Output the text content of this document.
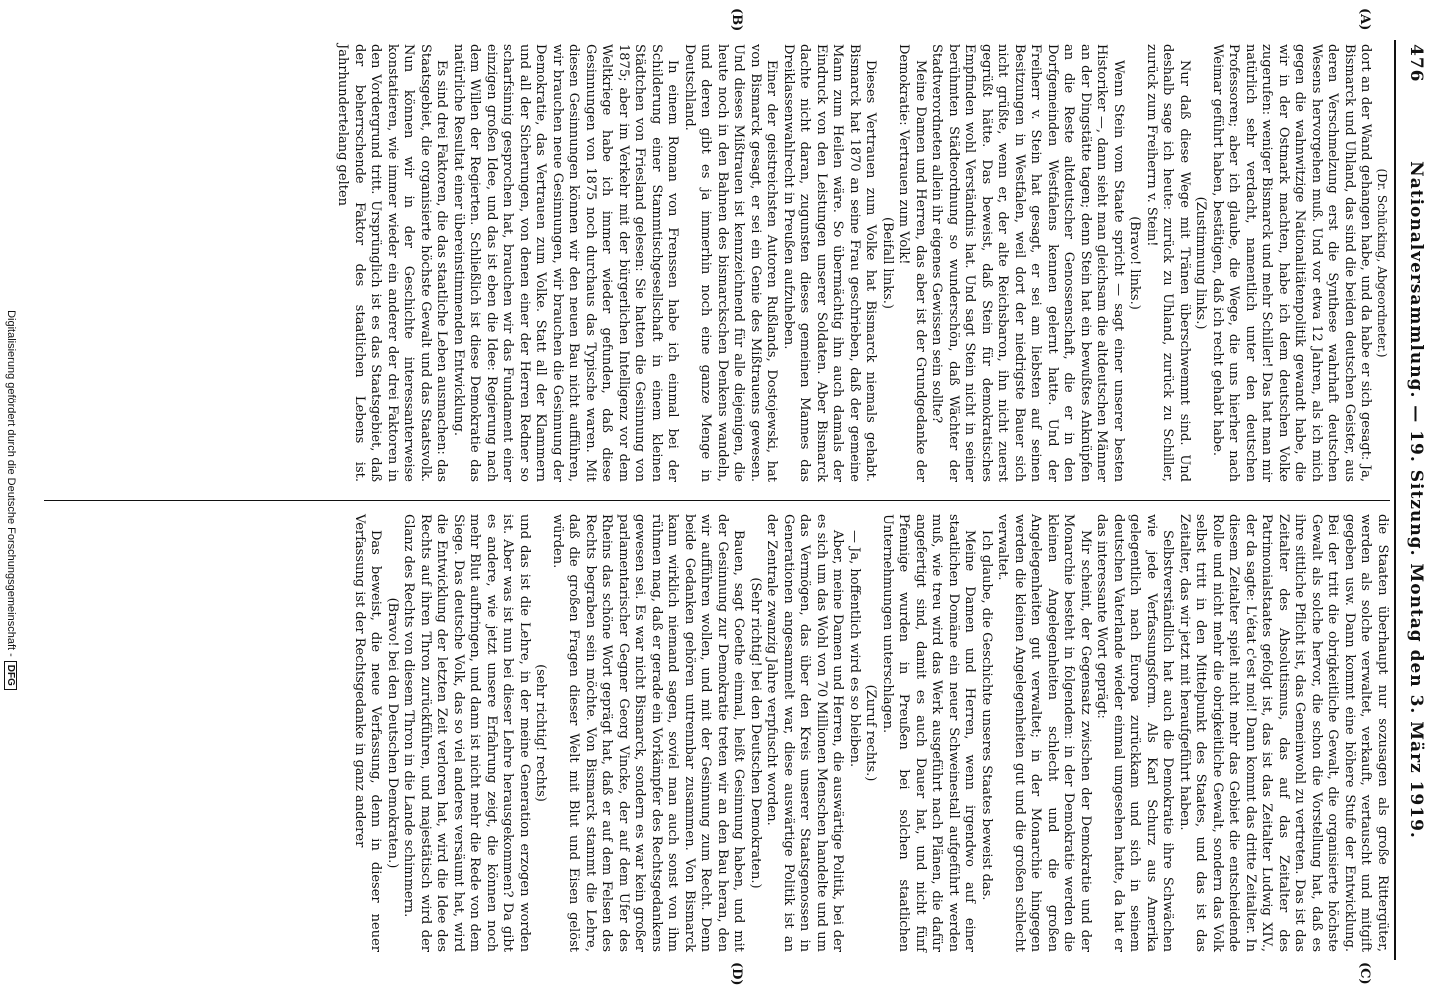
476
Nationalversammlung. — 19. Sitzung. Montag den 3. März 1919.
(A)
(B)
(C)
(D)

(Dr. Schücking, Abgeordneter.)

dort an der Wand gehangen habe, und da habe er sich gesagt: Ja, Bismarck und Uhland, das sind die beiden deutschen Geister, aus deren Verschmelzung erst die Synthese wahrhaft deutschen Wesens hervorgehen muß. Und vor etwa 12 Jahren, als ich mich gegen die wahnwitzige Nationalitätenpolitik gewandt habe, die wir in der Ostmark machten, habe ich dem deutschen Volke zugerufen: weniger Bismarck und mehr Schiller! Das hat man mir natürlich sehr verdacht, namentlich unter den deutschen Professoren; aber ich glaube, die Wege, die uns hierher nach Weimar geführt haben, bestätigen, daß ich recht gehabt habe.

(Zustimmung links.)

Nur daß diese Wege mit Tränen überschwemmt sind. Und deshalb sage ich heute: zurück zu Uhland, zurück zu Schiller, zurück zum Freiherrn v. Stein!

(Bravo! links.)

Wenn Stein vom Staate spricht — sagt einer unserer besten Historiker —, dann sieht man gleichsam die altdeutschen Männer an der Dingstätte tagen; denn Stein hat ein bewußtes Anknüpfen an die Reste altdeutscher Genossenschaft, die er in den Dorfgemeinden Westfalens kennen gelernt hatte. Und der Freiherr v. Stein hat gesagt, er sei am liebsten auf seinen Besitzungen in Westfalen, weil dort der niedrigste Bauer sich nicht grüßte, wenn er, der alte Reichsbaron, ihn nicht zuerst gegrüßt hätte. Das beweist, daß Stein für demokratisches Empfinden wohl Verständnis hat. Und sagt Stein nicht in seiner berühmten Städteordnung so wunderschön, daß Wächter der Stadtverordneten allein ihr eigenes Gewissen sein sollte?

Meine Damen und Herren, das aber ist der Grundgedanke der Demokratie: Vertrauen zum Volk!

(Beifall links.)

Dieses Vertrauen zum Volke hat Bismarck niemals gehabt. Bismarck hat 1870 an seine Frau geschrieben, daß der gemeine Mann zum Heilen wäre. So übermächtig ihn auch damals der Eindruck von den Leistungen unserer Soldaten. Aber Bismarck dachte nicht daran, zugunsten dieses gemeinen Mannes das Dreiklassenwahlrecht in Preußen aufzuheben.

Einer der geistreichsten Autoren Rußlands, Dostojewski, hat von Bismarck gesagt, er sei ein Genie des Mißtrauens gewesen. Und dieses Mißtrauen ist kennzeichnend für alle diejenigen, die heute noch in den Bahnen des bismarckschen Denkens wandeln, und deren gibt es ja immerhin noch eine ganze Menge in Deutschland.

In einem Roman von Frenssen habe ich einmal bei der Schilderung einer Stammtischgesellschaft in einem kleinen Städtchen von Friesland gelesen: Sie hatten die Gesinnung von 1875; aber im Verkehr mit der bürgerlichen Intelligenz vor dem Weltkriege habe ich immer wieder gefunden, daß diese Gesinnungen von 1875 noch durchaus das Typische waren. Mit diesen Gesinnungen können wir den neuen Bau nicht aufführen, wir brauchen neue Gesinnungen, wir brauchen die Gesinnung der Demokratie, das Vertrauen zum Volke. Statt all der Klammern und all der Sicherungen, von denen einer der Herren Redner so scharfsinnig gesprochen hat, brauchen wir das Fundament einer einzigen großen Idee, und das ist eben die Idee: Regierung nach dem Willen der Regierten. Schließlich ist diese Demokratie das natürliche Resultat einer übereinstimmenden Entwicklung.

Es sind drei Faktoren, die das staatliche Leben ausmachen: das Staatsgebiet, die organisierte höchste Gewalt und das Staatsvolk. Nun können wir in der Geschichte interessanterweise konstatieren, wie immer wieder ein anderer der drei Faktoren in den Vordergrund tritt. Ursprünglich ist es das Staatsgebiet, daß der beherrschende Faktor des staatlichen Lebens ist. Jahrhundertelang gelten

die Staaten überhaupt nur sozusagen als große Rittergüter, werden als solche verwaltet, verkauft, vertauscht und mitgift gegeben usw. Dann kommt eine höhere Stufe der Entwicklung. Bei der tritt die obrigkeitliche Gewalt, die organisierte höchste Gewalt als solche hervor, die schon die Vorstellung hat, daß es ihre sittliche Pflicht ist, das Gemeinwohl zu vertreten. Das ist das Zeitalter des Absolutismus, das auf das Zeitalter des Patrimonialstaates gefolgt ist, das ist das Zeitalter Ludwig XIV., der da sagte: L'état c'est moi! Dann kommt das dritte Zeitalter. In diesem Zeitalter spielt nicht mehr das Gebiet die entscheidende Rolle und nicht mehr die obrigkeitliche Gewalt, sondern das Volk selbst tritt in den Mittelpunkt des Staates, und das ist das Zeitalter, das wir jetzt mit heraufgeführt haben.

Selbstverständlich hat auch die Demokratie ihre Schwächen wie jede Verfassungsform. Als Karl Schurz aus Amerika gelegentlich nach Europa zurückkam und sich in seinem deutschen Vaterlande wieder einmal umgesehen hatte, da hat er das interessante Wort geprägt:

Mir scheint, der Gegensatz zwischen der Demokratie und der Monarchie besteht in folgendem: in der Demokratie werden die kleinen Angelegenheiten schlecht und die großen Angelegenheiten gut verwaltet; in der Monarchie hingegen werden die kleinen Angelegenheiten gut und die großen schlecht verwaltet.

Ich glaube, die Geschichte unseres Staates beweist das.

Meine Damen und Herren, wenn irgendwo auf einer staatlichen Domäne ein neuer Schweinestall aufgeführt werden muß, wie treu wird das Werk ausgeführt nach Plänen, die dafür angefertigt sind, damit es auch Dauer hat, und nicht fünf Pfennige wurden in Preußen bei solchen staatlichen Unternehmungen unterschlagen.

(Zuruf rechts.)

— Ja, hoffentlich wird es so bleiben.

Aber, meine Damen und Herren, die auswärtige Politik, bei der es sich um das Wohl von 70 Millionen Menschen handelte und um das Vermögen, das über den Kreis unserer Staatsgenossen in Generationen angesammelt war, diese auswärtige Politik ist an der Zentrale zwanzig Jahre verpfuscht worden.

(Sehr richtig! bei den Deutschen Demokraten.)

Bauen, sagt Goethe einmal, heißt Gesinnung haben, und mit der Gesinnung zur Demokratie treten wir an den Bau heran, den wir aufführen wollen, und mit der Gesinnung zum Recht. Denn beide Gedanken gehören untrennbar zusammen. Von Bismarck kann wirklich niemand sagen, soviel man auch sonst von ihm rühmen mag, daß er gerade ein Vorkämpfer des Rechtsgedankens gewesen sei. Es war nicht Bismarck, sondern es war kein großer parlamentarischer Gegner Georg Vincke, der auf dem Ufer des Rheins das schöne Wort geprägt hat, daß er auf dem Felsen des Rechts begraben sein möchte. Von Bismarck stammt die Lehre, daß die großen Fragen dieser Welt mit Blut und Eisen gelöst würden.

(sehr richtig! rechts)

und das ist die Lehre, in der meine Generation erzogen worden ist. Aber was ist nun bei dieser Lehre herausgekommen? Da gibt es andere, wie jetzt unsere Erfahrung zeigt, die können noch mehr Blut aufbringen, und dann ist nicht mehr die Rede von dem Siege. Das deutsche Volk, das so viel anderes versäumt hat, wird die Entwicklung der letzten Zeit verloren hat, wird die Idee des Rechts auf ihren Thron zurückführen, und majestätisch wird der Glanz des Rechts von diesem Thron in die Lande schimmern.

(Bravo! bei den Deutschen Demokraten.)

Das beweist, die neue Verfassung, denn in dieser neuer Verfassung ist der Rechtsgedanke in ganz anderer

Digitalisierung gefördert durch die Deutsche Forschungsgemeinschaft -DFG
